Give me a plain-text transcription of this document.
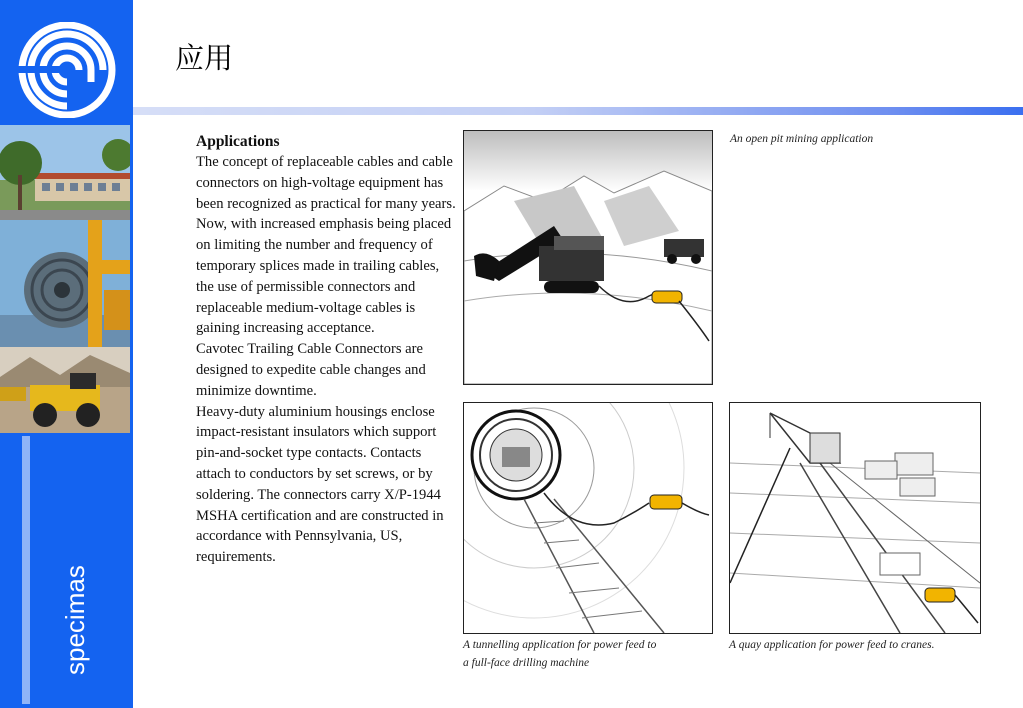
specimas
应用
Applications

The concept of replaceable cables and cable connectors on high-voltage equipment has been recognized as practical for many years. Now, with increased emphasis being placed on limiting the number and frequency of temporary splices made in trailing cables, the use of permissible connectors and replaceable medium-voltage cables is gaining increasing acceptance.

Cavotec Trailing Cable Connectors are designed to expedite cable changes and minimize downtime.

Heavy-duty aluminium housings enclose impact-resistant insulators which support pin-and-socket type contacts. Contacts attach to conductors by set screws, or by soldering. The connectors carry X/P-1944 MSHA certification and are constructed in accordance with Pennsylvania, US, requirements.

An open pit mining application
A tunnelling application for power feed to
a full-face drilling machine
A quay application for power feed to cranes.
